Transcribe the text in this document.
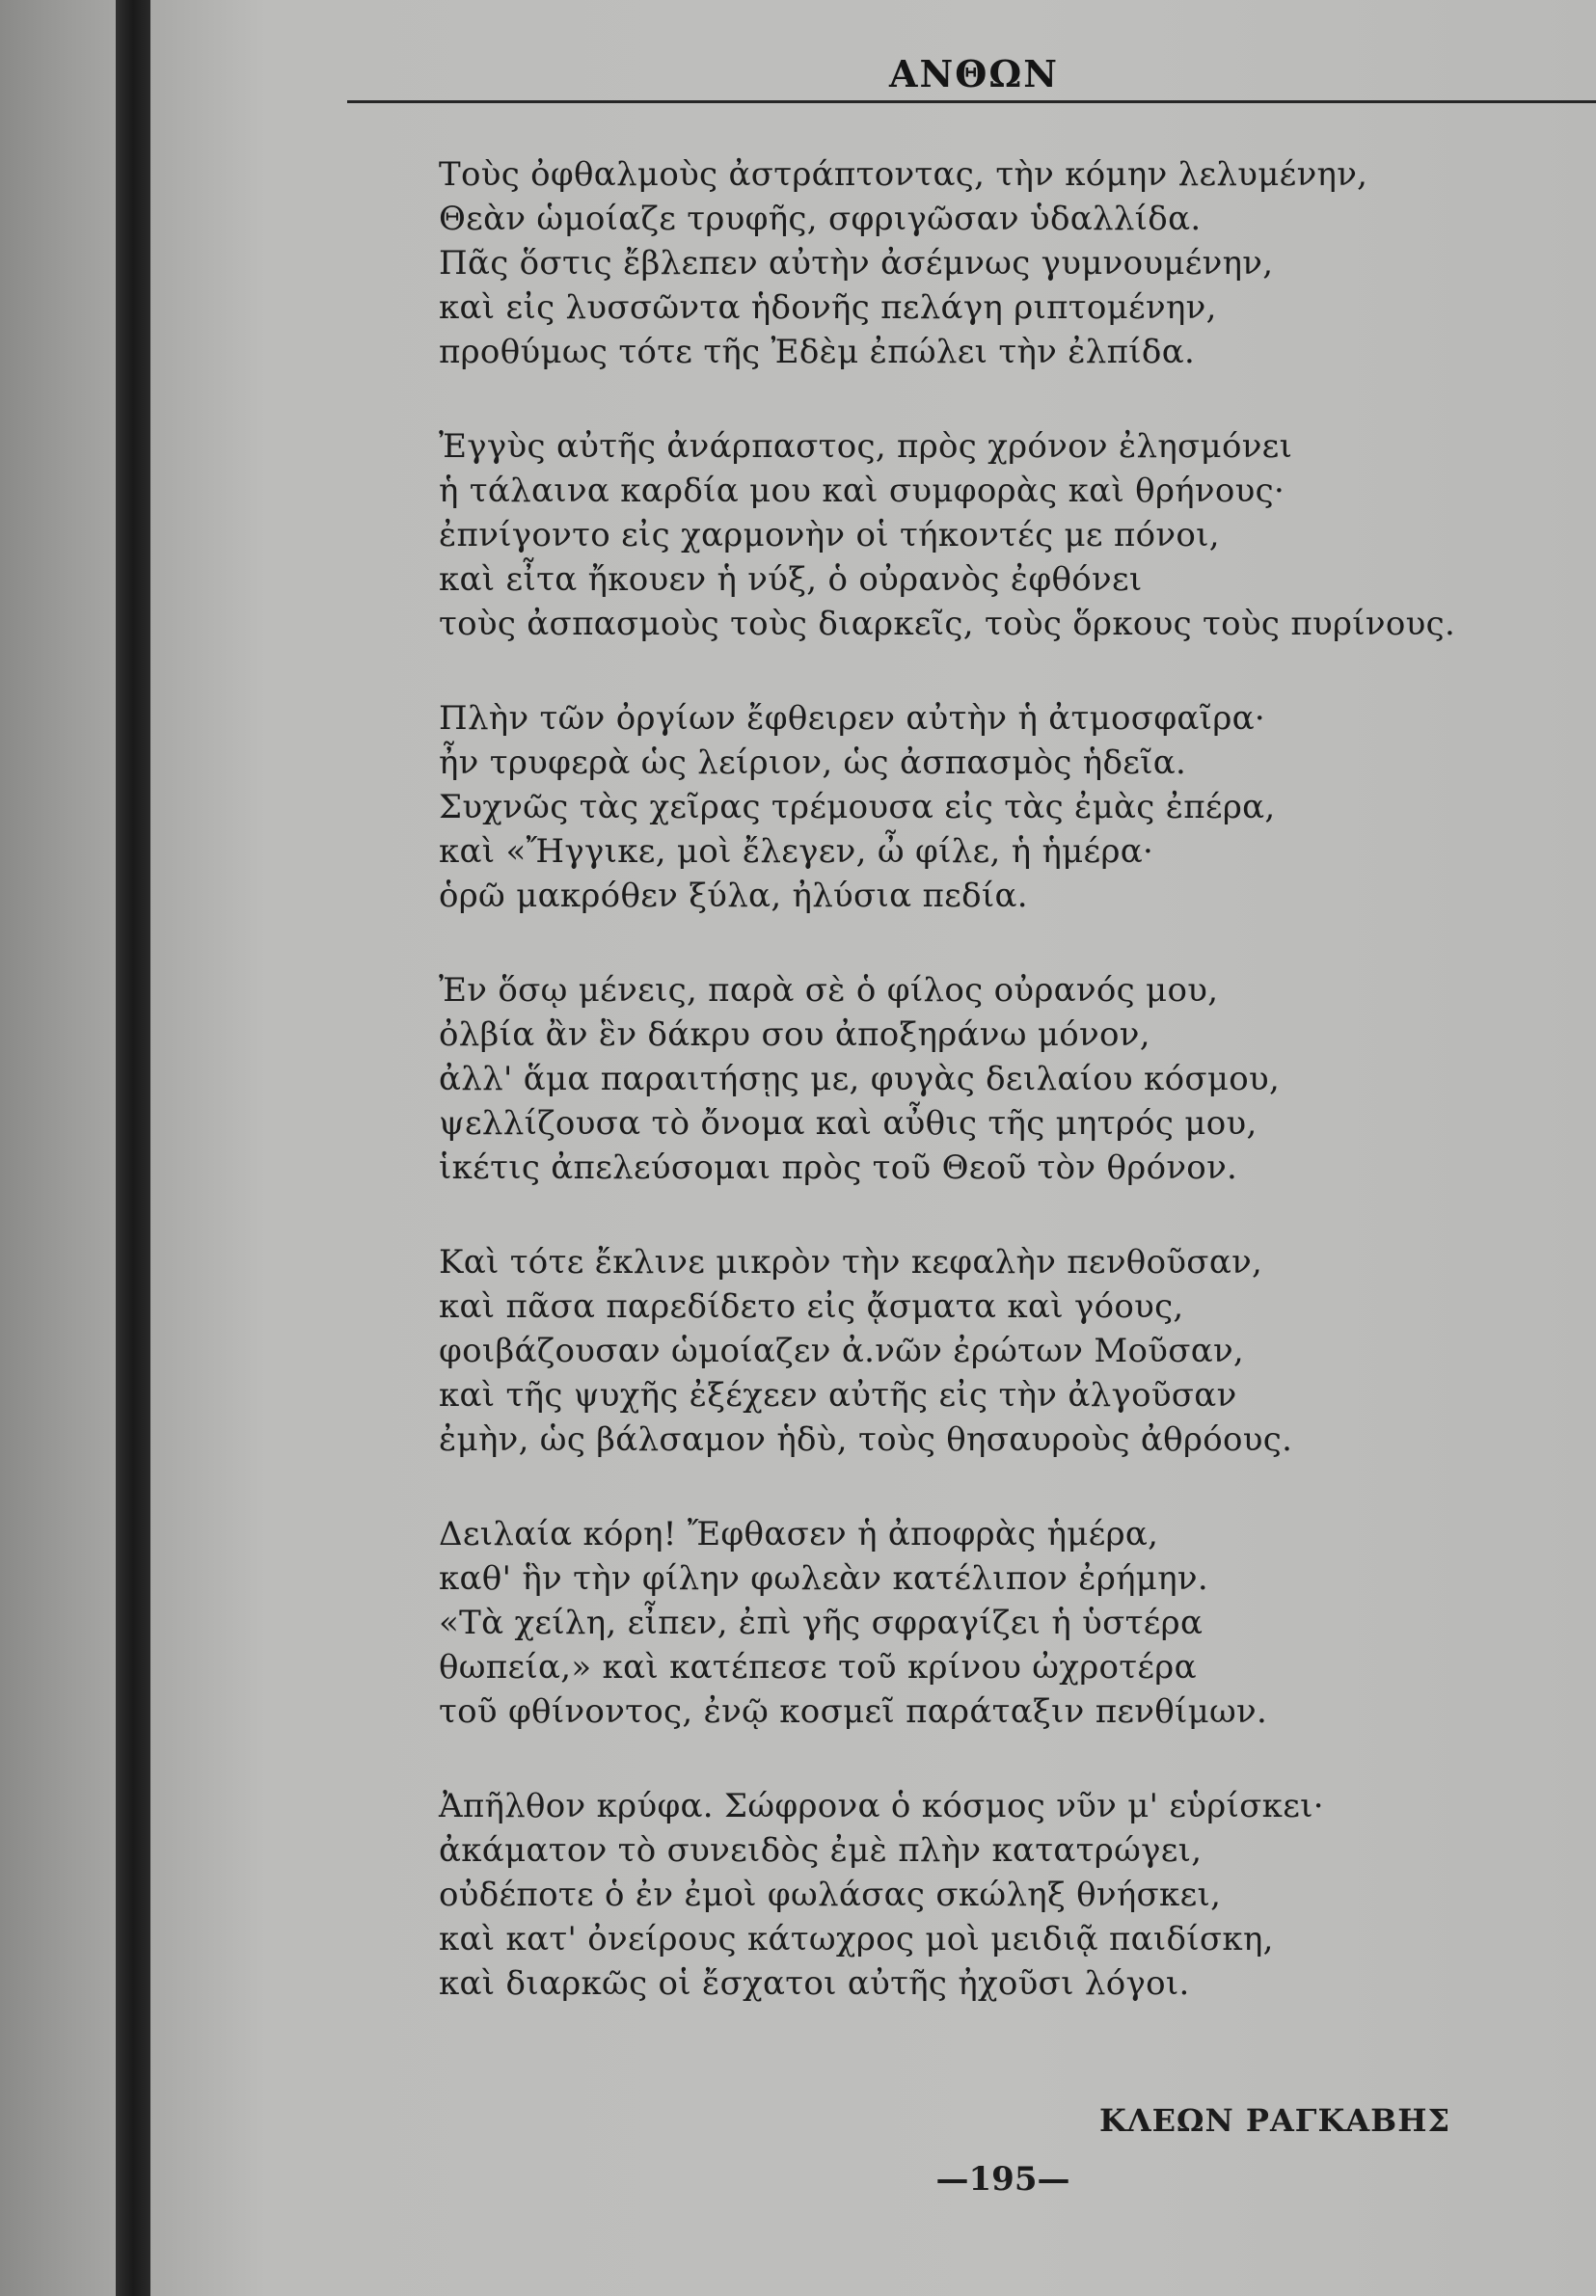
ΑΝΘΩΝ
Τοὺς ὀφθαλμοὺς ἀστράπτοντας, τὴν κόμην λελυμένην,
Θεὰν ὡμοίαζε τρυφῆς, σφριγῶσαν ὑδαλλίδα.
Πᾶς ὅστις ἔβλεπεν αὐτὴν ἀσέμνως γυμνουμένην,
καὶ εἰς λυσσῶντα ἡδονῆς πελάγη ριπτομένην,
προθύμως τότε τῆς Ἐδὲμ ἐπώλει τὴν ἐλπίδα.
Ἐγγὺς αὐτῆς ἀνάρπαστος, πρὸς χρόνον ἐλησμόνει
ἡ τάλαινα καρδία μου καὶ συμφορὰς καὶ θρήνους·
ἐπνίγοντο εἰς χαρμονὴν οἱ τήκοντές με πόνοι,
καὶ εἶτα ἤκουεν ἡ νύξ, ὁ οὐρανὸς ἐφθόνει
τοὺς ἀσπασμοὺς τοὺς διαρκεῖς, τοὺς ὅρκους τοὺς πυρίνους.
Πλὴν τῶν ὀργίων ἔφθειρεν αὐτὴν ἡ ἀτμοσφαῖρα·
ἦν τρυφερὰ ὡς λείριον, ὡς ἀσπασμὸς ἡδεῖα.
Συχνῶς τὰς χεῖρας τρέμουσα εἰς τὰς ἐμὰς ἐπέρα,
καὶ «Ἤγγικε, μοὶ ἔλεγεν, ὦ φίλε, ἡ ἡμέρα·
ὁρῶ μακρόθεν ξύλα, ἠλύσια πεδία.
Ἐν ὅσῳ μένεις, παρὰ σὲ ὁ φίλος οὐρανός μου,
ὀλβία ἂν ἓν δάκρυ σου ἀποξηράνω μόνον,
ἀλλ' ἅμα παραιτήσῃς με, φυγὰς δειλαίου κόσμου,
ψελλίζουσα τὸ ὄνομα καὶ αὖθις τῆς μητρός μου,
ἱκέτις ἀπελεύσομαι πρὸς τοῦ Θεοῦ τὸν θρόνον.
Καὶ τότε ἔκλινε μικρὸν τὴν κεφαλὴν πενθοῦσαν,
καὶ πᾶσα παρεδίδετο εἰς ᾄσματα καὶ γόους,
φοιβάζουσαν ὡμοίαζεν ἀ.νῶν ἐρώτων Μοῦσαν,
καὶ τῆς ψυχῆς ἐξέχεεν αὐτῆς εἰς τὴν ἀλγοῦσαν
ἐμὴν, ὡς βάλσαμον ἡδὺ, τοὺς θησαυροὺς ἀθρόους.
Δειλαία κόρη! Ἔφθασεν ἡ ἀποφρὰς ἡμέρα,
καθ' ἣν τὴν φίλην φωλεὰν κατέλιπον ἐρήμην.
«Τὰ χείλη, εἶπεν, ἐπὶ γῆς σφραγίζει ἡ ὑστέρα
θωπεία,» καὶ κατέπεσε τοῦ κρίνου ὠχροτέρα
τοῦ φθίνοντος, ἐνῷ κοσμεῖ παράταξιν πενθίμων.
Ἀπῆλθον κρύφα. Σώφρονα ὁ κόσμος νῦν μ' εὑρίσκει·
ἀκάματον τὸ συνειδὸς ἐμὲ πλὴν κατατρώγει,
οὐδέποτε ὁ ἐν ἐμοὶ φωλάσας σκώληξ θνήσκει,
καὶ κατ' ὀνείρους κάτωχρος μοὶ μειδιᾷ παιδίσκη,
καὶ διαρκῶς οἱ ἔσχατοι αὐτῆς ἠχοῦσι λόγοι.
ΚΛΕΩΝ ΡΑΓΚΑΒΗΣ
—195—
